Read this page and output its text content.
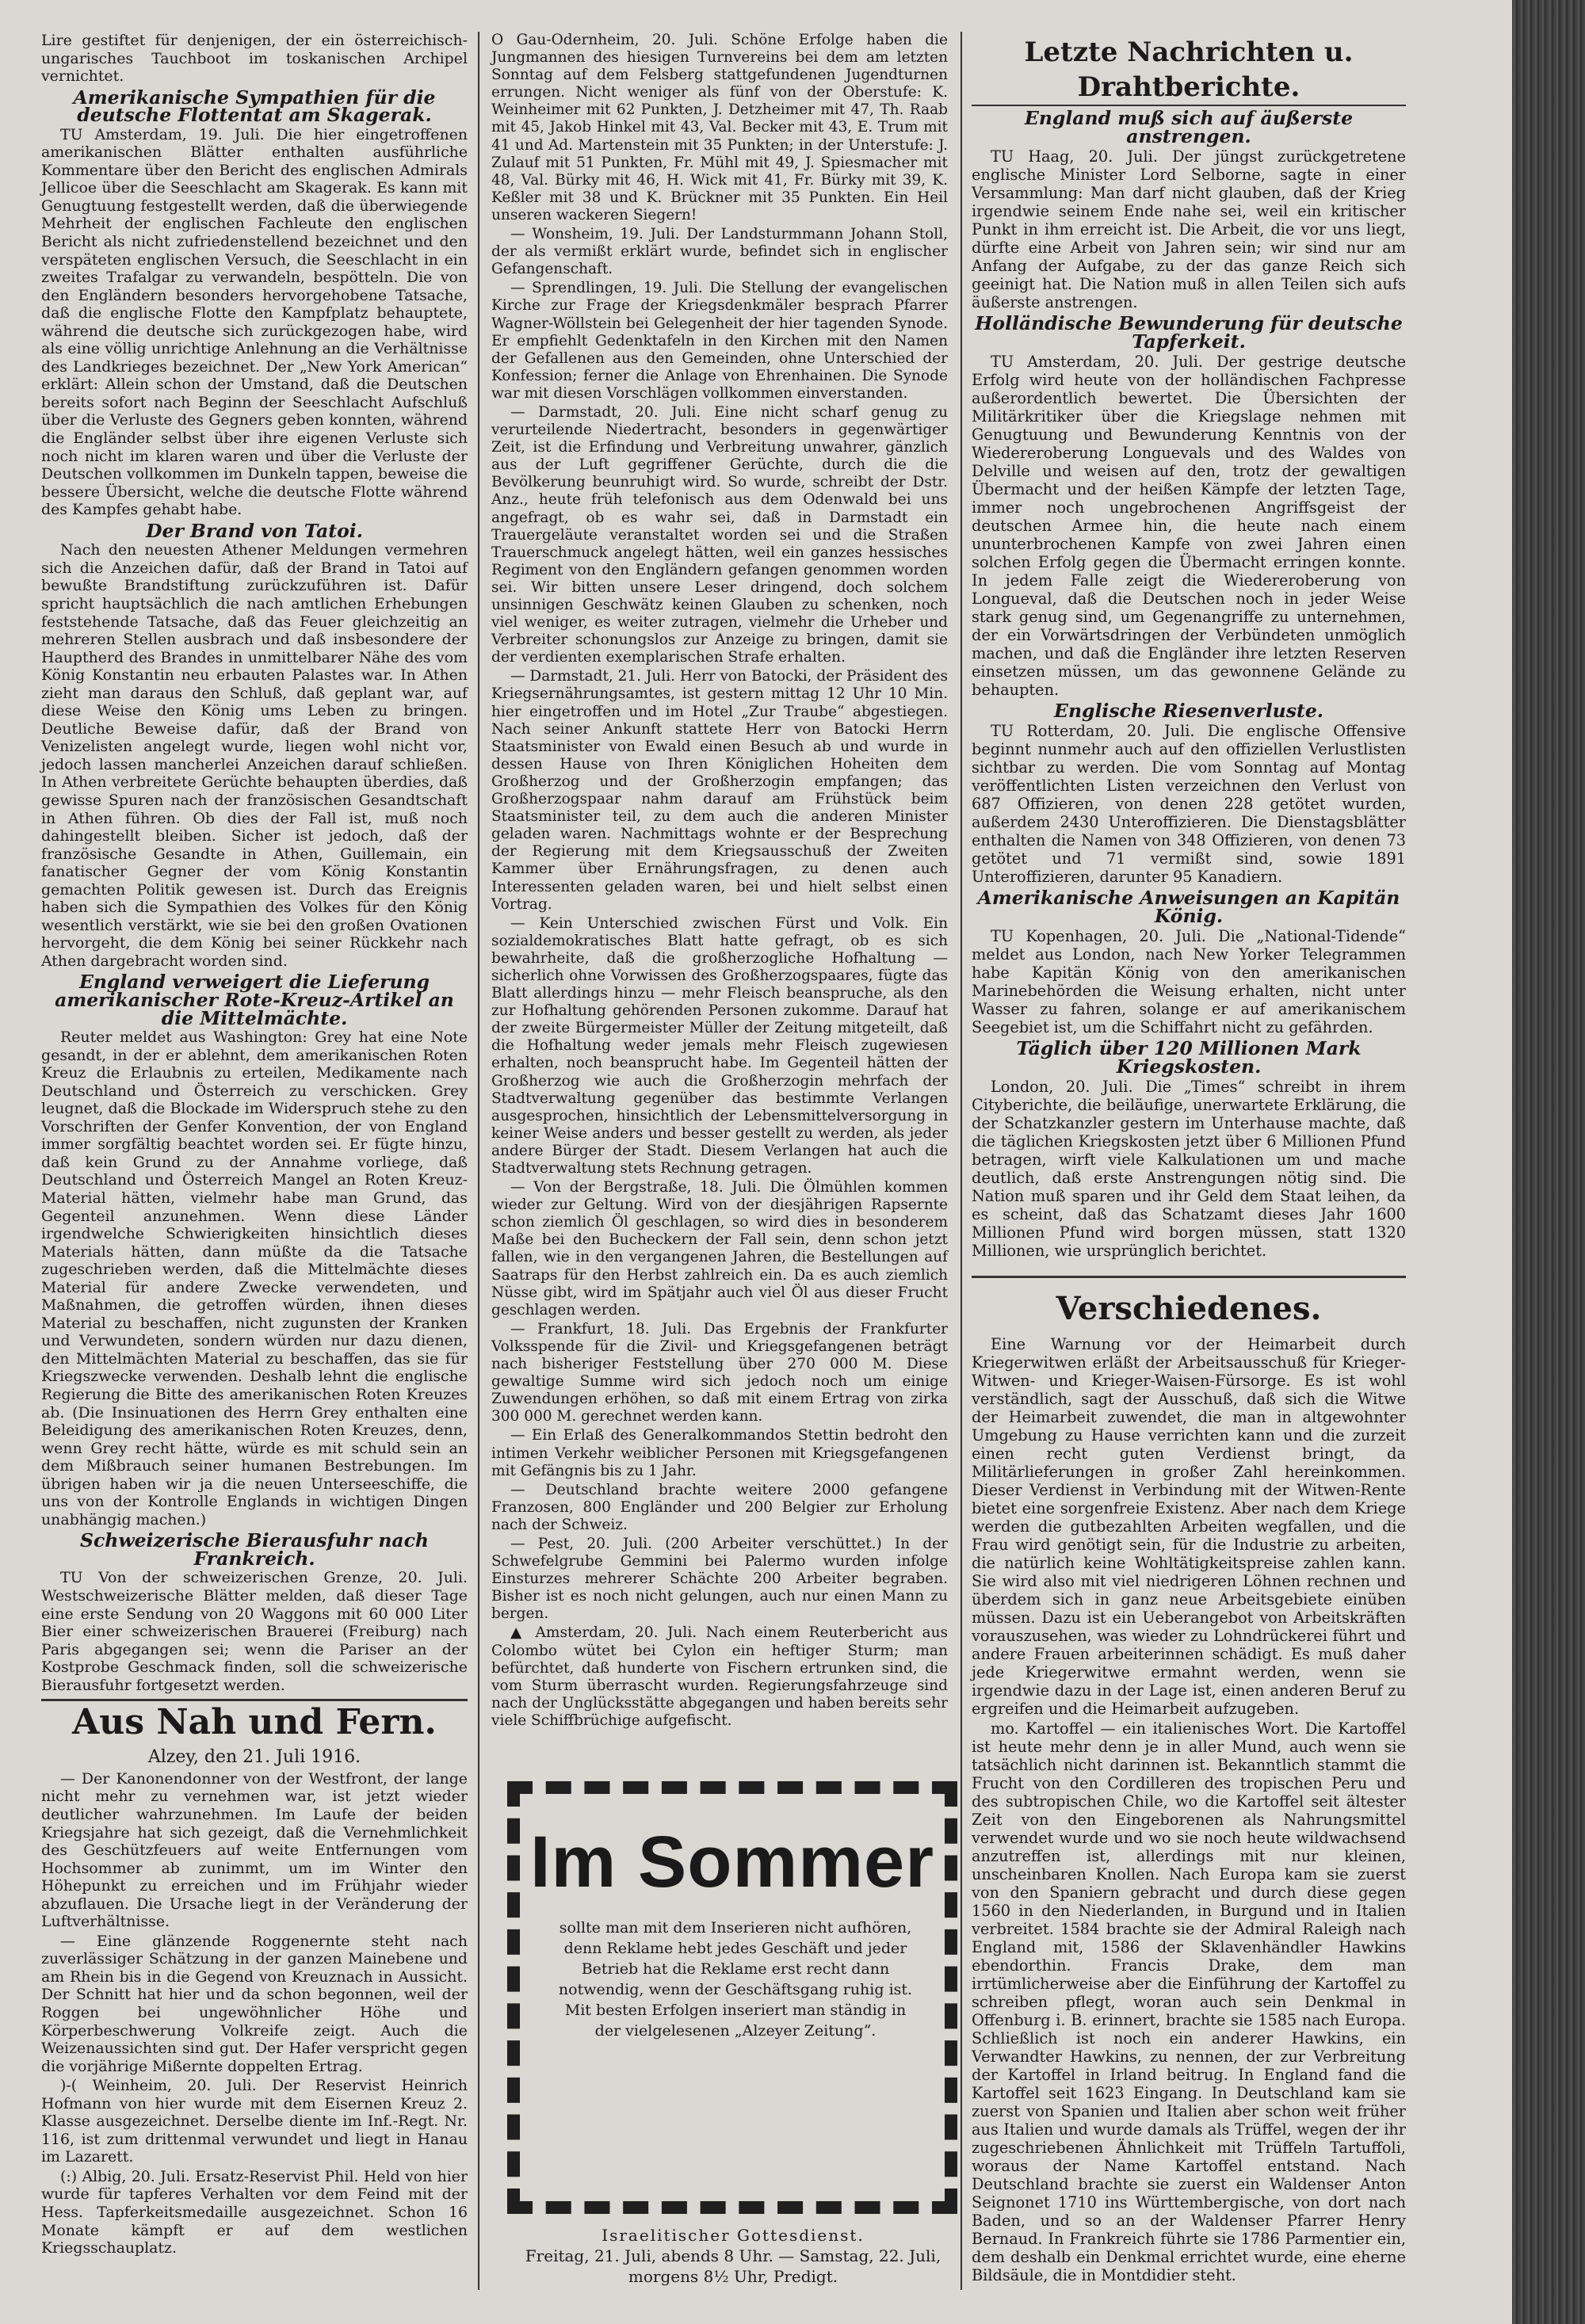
Lire gestiftet für denjenigen, der ein österreichisch-ungarisches Tauchboot im toskanischen Archipel vernichtet.

Amerikanische Sympathien für die deutsche Flottentat am Skagerak.

TU Amsterdam, 19. Juli. Die hier eingetroffenen amerikanischen Blätter enthalten ausführliche Kommentare über den Bericht des englischen Admirals Jellicoe über die Seeschlacht am Skagerak. Es kann mit Genugtuung festgestellt werden, daß die überwiegende Mehrheit der englischen Fachleute den englischen Bericht als nicht zufriedenstellend bezeichnet und den verspäteten englischen Versuch, die Seeschlacht in ein zweites Trafalgar zu verwandeln, bespötteln. Die von den Engländern besonders hervorgehobene Tatsache, daß die englische Flotte den Kampfplatz behauptete, während die deutsche sich zurückgezogen habe, wird als eine völlig unrichtige Anlehnung an die Verhältnisse des Landkrieges bezeichnet. Der „New York American“ erklärt: Allein schon der Umstand, daß die Deutschen bereits sofort nach Beginn der Seeschlacht Aufschluß über die Verluste des Gegners geben konnten, während die Engländer selbst über ihre eigenen Verluste sich noch nicht im klaren waren und über die Verluste der Deutschen vollkommen im Dunkeln tappen, beweise die bessere Übersicht, welche die deutsche Flotte während des Kampfes gehabt habe.

Der Brand von Tatoi.

Nach den neuesten Athener Meldungen vermehren sich die Anzeichen dafür, daß der Brand in Tatoi auf bewußte Brandstiftung zurückzuführen ist. Dafür spricht hauptsächlich die nach amtlichen Erhebungen feststehende Tatsache, daß das Feuer gleichzeitig an mehreren Stellen ausbrach und daß insbesondere der Hauptherd des Brandes in unmittelbarer Nähe des vom König Konstantin neu erbauten Palastes war. In Athen zieht man daraus den Schluß, daß geplant war, auf diese Weise den König ums Leben zu bringen. Deutliche Beweise dafür, daß der Brand von Venizelisten angelegt wurde, liegen wohl nicht vor, jedoch lassen mancherlei Anzeichen darauf schließen. In Athen verbreitete Gerüchte behaupten überdies, daß gewisse Spuren nach der französischen Gesandtschaft in Athen führen. Ob dies der Fall ist, muß noch dahingestellt bleiben. Sicher ist jedoch, daß der französische Gesandte in Athen, Guillemain, ein fanatischer Gegner der vom König Konstantin gemachten Politik gewesen ist. Durch das Ereignis haben sich die Sympathien des Volkes für den König wesentlich verstärkt, wie sie bei den großen Ovationen hervorgeht, die dem König bei seiner Rückkehr nach Athen dargebracht worden sind.

England verweigert die Lieferung amerikanischer Rote-Kreuz-Artikel an die Mittelmächte.

Reuter meldet aus Washington: Grey hat eine Note gesandt, in der er ablehnt, dem amerikanischen Roten Kreuz die Erlaubnis zu erteilen, Medikamente nach Deutschland und Österreich zu verschicken. Grey leugnet, daß die Blockade im Widerspruch stehe zu den Vorschriften der Genfer Konvention, der von England immer sorgfältig beachtet worden sei. Er fügte hinzu, daß kein Grund zu der Annahme vorliege, daß Deutschland und Österreich Mangel an Roten Kreuz-Material hätten, vielmehr habe man Grund, das Gegenteil anzunehmen. Wenn diese Länder irgendwelche Schwierigkeiten hinsichtlich dieses Materials hätten, dann müßte da die Tatsache zugeschrieben werden, daß die Mittelmächte dieses Material für andere Zwecke verwendeten, und Maßnahmen, die getroffen würden, ihnen dieses Material zu beschaffen, nicht zugunsten der Kranken und Verwundeten, sondern würden nur dazu dienen, den Mittelmächten Material zu beschaffen, das sie für Kriegszwecke verwenden. Deshalb lehnt die englische Regierung die Bitte des amerikanischen Roten Kreuzes ab. (Die Insinuationen des Herrn Grey enthalten eine Beleidigung des amerikanischen Roten Kreuzes, denn, wenn Grey recht hätte, würde es mit schuld sein an dem Mißbrauch seiner humanen Bestrebungen. Im übrigen haben wir ja die neuen Unterseeschiffe, die uns von der Kontrolle Englands in wichtigen Dingen unabhängig machen.)

Schweizerische Bierausfuhr nach Frankreich.

TU Von der schweizerischen Grenze, 20. Juli. Westschweizerische Blätter melden, daß dieser Tage eine erste Sendung von 20 Waggons mit 60 000 Liter Bier einer schweizerischen Brauerei (Freiburg) nach Paris abgegangen sei; wenn die Pariser an der Kostprobe Geschmack finden, soll die schweizerische Bierausfuhr fortgesetzt werden.

Aus Nah und Fern.
Alzey, den 21. Juli 1916.

— Der Kanonendonner von der Westfront, der lange nicht mehr zu vernehmen war, ist jetzt wieder deutlicher wahrzunehmen. Im Laufe der beiden Kriegsjahre hat sich gezeigt, daß die Vernehmlichkeit des Geschützfeuers auf weite Entfernungen vom Hochsommer ab zunimmt, um im Winter den Höhepunkt zu erreichen und im Frühjahr wieder abzuflauen. Die Ursache liegt in der Veränderung der Luftverhältnisse.

— Eine glänzende Roggenernte steht nach zuverlässiger Schätzung in der ganzen Mainebene und am Rhein bis in die Gegend von Kreuznach in Aussicht. Der Schnitt hat hier und da schon begonnen, weil der Roggen bei ungewöhnlicher Höhe und Körperbeschwerung Volkreife zeigt. Auch die Weizenaussichten sind gut. Der Hafer verspricht gegen die vorjährige Mißernte doppelten Ertrag.

)-( Weinheim, 20. Juli. Der Reservist Heinrich Hofmann von hier wurde mit dem Eisernen Kreuz 2. Klasse ausgezeichnet. Derselbe diente im Inf.-Regt. Nr. 116, ist zum drittenmal verwundet und liegt in Hanau im Lazarett.

(:) Albig, 20. Juli. Ersatz-Reservist Phil. Held von hier wurde für tapferes Verhalten vor dem Feind mit der Hess. Tapferkeitsmedaille ausgezeichnet. Schon 16 Monate kämpft er auf dem westlichen Kriegsschauplatz.

O Gau-Odernheim, 20. Juli. Schöne Erfolge haben die Jungmannen des hiesigen Turnvereins bei dem am letzten Sonntag auf dem Felsberg stattgefundenen Jugendturnen errungen. Nicht weniger als fünf von der Oberstufe: K. Weinheimer mit 62 Punkten, J. Detzheimer mit 47, Th. Raab mit 45, Jakob Hinkel mit 43, Val. Becker mit 43, E. Trum mit 41 und Ad. Martenstein mit 35 Punkten; in der Unterstufe: J. Zulauf mit 51 Punkten, Fr. Mühl mit 49, J. Spiesmacher mit 48, Val. Bürky mit 46, H. Wick mit 41, Fr. Bürky mit 39, K. Keßler mit 38 und K. Brückner mit 35 Punkten. Ein Heil unseren wackeren Siegern!

— Wonsheim, 19. Juli. Der Landsturmmann Johann Stoll, der als vermißt erklärt wurde, befindet sich in englischer Gefangenschaft.

— Sprendlingen, 19. Juli. Die Stellung der evangelischen Kirche zur Frage der Kriegsdenkmäler besprach Pfarrer Wagner-Wöllstein bei Gelegenheit der hier tagenden Synode. Er empfiehlt Gedenktafeln in den Kirchen mit den Namen der Gefallenen aus den Gemeinden, ohne Unterschied der Konfession; ferner die Anlage von Ehrenhainen. Die Synode war mit diesen Vorschlägen vollkommen einverstanden.

— Darmstadt, 20. Juli. Eine nicht scharf genug zu verurteilende Niedertracht, besonders in gegenwärtiger Zeit, ist die Erfindung und Verbreitung unwahrer, gänzlich aus der Luft gegriffener Gerüchte, durch die die Bevölkerung beunruhigt wird. So wurde, schreibt der Dstr. Anz., heute früh telefonisch aus dem Odenwald bei uns angefragt, ob es wahr sei, daß in Darmstadt ein Trauergeläute veranstaltet worden sei und die Straßen Trauerschmuck angelegt hätten, weil ein ganzes hessisches Regiment von den Engländern gefangen genommen worden sei. Wir bitten unsere Leser dringend, doch solchem unsinnigen Geschwätz keinen Glauben zu schenken, noch viel weniger, es weiter zutragen, vielmehr die Urheber und Verbreiter schonungslos zur Anzeige zu bringen, damit sie der verdienten exemplarischen Strafe erhalten.

— Darmstadt, 21. Juli. Herr von Batocki, der Präsident des Kriegsernährungsamtes, ist gestern mittag 12 Uhr 10 Min. hier eingetroffen und im Hotel „Zur Traube“ abgestiegen. Nach seiner Ankunft stattete Herr von Batocki Herrn Staatsminister von Ewald einen Besuch ab und wurde in dessen Hause von Ihren Königlichen Hoheiten dem Großherzog und der Großherzogin empfangen; das Großherzogspaar nahm darauf am Frühstück beim Staatsminister teil, zu dem auch die anderen Minister geladen waren. Nachmittags wohnte er der Besprechung der Regierung mit dem Kriegsausschuß der Zweiten Kammer über Ernährungsfragen, zu denen auch Interessenten geladen waren, bei und hielt selbst einen Vortrag.

— Kein Unterschied zwischen Fürst und Volk. Ein sozialdemokratisches Blatt hatte gefragt, ob es sich bewahrheite, daß die großherzogliche Hofhaltung — sicherlich ohne Vorwissen des Großherzogspaares, fügte das Blatt allerdings hinzu — mehr Fleisch beanspruche, als den zur Hofhaltung gehörenden Personen zukomme. Darauf hat der zweite Bürgermeister Müller der Zeitung mitgeteilt, daß die Hofhaltung weder jemals mehr Fleisch zugewiesen erhalten, noch beansprucht habe. Im Gegenteil hätten der Großherzog wie auch die Großherzogin mehrfach der Stadtverwaltung gegenüber das bestimmte Verlangen ausgesprochen, hinsichtlich der Lebensmittelversorgung in keiner Weise anders und besser gestellt zu werden, als jeder andere Bürger der Stadt. Diesem Verlangen hat auch die Stadtverwaltung stets Rechnung getragen.

— Von der Bergstraße, 18. Juli. Die Ölmühlen kommen wieder zur Geltung. Wird von der diesjährigen Rapsernte schon ziemlich Öl geschlagen, so wird dies in besonderem Maße bei den Bucheckern der Fall sein, denn schon jetzt fallen, wie in den vergangenen Jahren, die Bestellungen auf Saatraps für den Herbst zahlreich ein. Da es auch ziemlich Nüsse gibt, wird im Spätjahr auch viel Öl aus dieser Frucht geschlagen werden.

— Frankfurt, 18. Juli. Das Ergebnis der Frankfurter Volksspende für die Zivil- und Kriegsgefangenen beträgt nach bisheriger Feststellung über 270 000 M. Diese gewaltige Summe wird sich jedoch noch um einige Zuwendungen erhöhen, so daß mit einem Ertrag von zirka 300 000 M. gerechnet werden kann.

— Ein Erlaß des Generalkommandos Stettin bedroht den intimen Verkehr weiblicher Personen mit Kriegsgefangenen mit Gefängnis bis zu 1 Jahr.

— Deutschland brachte weitere 2000 gefangene Franzosen, 800 Engländer und 200 Belgier zur Erholung nach der Schweiz.

— Pest, 20. Juli. (200 Arbeiter verschüttet.) In der Schwefelgrube Gemmini bei Palermo wurden infolge Einsturzes mehrerer Schächte 200 Arbeiter begraben. Bisher ist es noch nicht gelungen, auch nur einen Mann zu bergen.

▲ Amsterdam, 20. Juli. Nach einem Reuterbericht aus Colombo wütet bei Cylon ein heftiger Sturm; man befürchtet, daß hunderte von Fischern ertrunken sind, die vom Sturm überrascht wurden. Regierungsfahrzeuge sind nach der Unglücksstätte abgegangen und haben bereits sehr viele Schiffbrüchige aufgefischt.

Im Sommer
sollte man mit dem Inserieren nicht aufhören, denn Reklame hebt jedes Geschäft und jeder Betrieb hat die Reklame erst recht dann notwendig, wenn der Geschäftsgang ruhig ist. Mit besten Erfolgen inseriert man ständig in der vielgelesenen „Alzeyer Zeitung“.
Israelitischer Gottesdienst.
Freitag, 21. Juli, abends 8 Uhr. — Samstag, 22. Juli, morgens 8½ Uhr, Predigt.
Letzte Nachrichten u. Drahtberichte.
England muß sich auf äußerste anstrengen.

TU Haag, 20. Juli. Der jüngst zurückgetretene englische Minister Lord Selborne, sagte in einer Versammlung: Man darf nicht glauben, daß der Krieg irgendwie seinem Ende nahe sei, weil ein kritischer Punkt in ihm erreicht ist. Die Arbeit, die vor uns liegt, dürfte eine Arbeit von Jahren sein; wir sind nur am Anfang der Aufgabe, zu der das ganze Reich sich geeinigt hat. Die Nation muß in allen Teilen sich aufs äußerste anstrengen.

Holländische Bewunderung für deutsche Tapferkeit.

TU Amsterdam, 20. Juli. Der gestrige deutsche Erfolg wird heute von der holländischen Fachpresse außerordentlich bewertet. Die Übersichten der Militärkritiker über die Kriegslage nehmen mit Genugtuung und Bewunderung Kenntnis von der Wiedereroberung Longuevals und des Waldes von Delville und weisen auf den, trotz der gewaltigen Übermacht und der heißen Kämpfe der letzten Tage, immer noch ungebrochenen Angriffsgeist der deutschen Armee hin, die heute nach einem ununterbrochenen Kampfe von zwei Jahren einen solchen Erfolg gegen die Übermacht erringen konnte. In jedem Falle zeigt die Wiedereroberung von Longueval, daß die Deutschen noch in jeder Weise stark genug sind, um Gegenangriffe zu unternehmen, der ein Vorwärtsdringen der Verbündeten unmöglich machen, und daß die Engländer ihre letzten Reserven einsetzen müssen, um das gewonnene Gelände zu behaupten.

Englische Riesenverluste.

TU Rotterdam, 20. Juli. Die englische Offensive beginnt nunmehr auch auf den offiziellen Verlustlisten sichtbar zu werden. Die vom Sonntag auf Montag veröffentlichten Listen verzeichnen den Verlust von 687 Offizieren, von denen 228 getötet wurden, außerdem 2430 Unteroffizieren. Die Dienstagsblätter enthalten die Namen von 348 Offizieren, von denen 73 getötet und 71 vermißt sind, sowie 1891 Unteroffizieren, darunter 95 Kanadiern.

Amerikanische Anweisungen an Kapitän König.

TU Kopenhagen, 20. Juli. Die „National-Tidende“ meldet aus London, nach New Yorker Telegrammen habe Kapitän König von den amerikanischen Marinebehörden die Weisung erhalten, nicht unter Wasser zu fahren, solange er auf amerikanischem Seegebiet ist, um die Schiffahrt nicht zu gefährden.

Täglich über 120 Millionen Mark Kriegskosten.

London, 20. Juli. Die „Times“ schreibt in ihrem Cityberichte, die beiläufige, unerwartete Erklärung, die der Schatzkanzler gestern im Unterhause machte, daß die täglichen Kriegskosten jetzt über 6 Millionen Pfund betragen, wirft viele Kalkulationen um und mache deutlich, daß erste Anstrengungen nötig sind. Die Nation muß sparen und ihr Geld dem Staat leihen, da es scheint, daß das Schatzamt dieses Jahr 1600 Millionen Pfund wird borgen müssen, statt 1320 Millionen, wie ursprünglich berichtet.

Verschiedenes.

Eine Warnung vor der Heimarbeit durch Kriegerwitwen erläßt der Arbeitsausschuß für Krieger-Witwen- und Krieger-Waisen-Fürsorge. Es ist wohl verständlich, sagt der Ausschuß, daß sich die Witwe der Heimarbeit zuwendet, die man in altgewohnter Umgebung zu Hause verrichten kann und die zurzeit einen recht guten Verdienst bringt, da Militärlieferungen in großer Zahl hereinkommen. Dieser Verdienst in Verbindung mit der Witwen-Rente bietet eine sorgenfreie Existenz. Aber nach dem Kriege werden die gutbezahlten Arbeiten wegfallen, und die Frau wird genötigt sein, für die Industrie zu arbeiten, die natürlich keine Wohltätigkeitspreise zahlen kann. Sie wird also mit viel niedrigeren Löhnen rechnen und überdem sich in ganz neue Arbeitsgebiete einüben müssen. Dazu ist ein Ueberangebot von Arbeitskräften vorauszusehen, was wieder zu Lohndrückerei führt und andere Frauen arbeiterinnen schädigt. Es muß daher jede Kriegerwitwe ermahnt werden, wenn sie irgendwie dazu in der Lage ist, einen anderen Beruf zu ergreifen und die Heimarbeit aufzugeben.

mo. Kartoffel — ein italienisches Wort. Die Kartoffel ist heute mehr denn je in aller Mund, auch wenn sie tatsächlich nicht darinnen ist. Bekanntlich stammt die Frucht von den Cordilleren des tropischen Peru und des subtropischen Chile, wo die Kartoffel seit ältester Zeit von den Eingeborenen als Nahrungsmittel verwendet wurde und wo sie noch heute wildwachsend anzutreffen ist, allerdings mit nur kleinen, unscheinbaren Knollen. Nach Europa kam sie zuerst von den Spaniern gebracht und durch diese gegen 1560 in den Niederlanden, in Burgund und in Italien verbreitet. 1584 brachte sie der Admiral Raleigh nach England mit, 1586 der Sklavenhändler Hawkins ebendorthin. Francis Drake, dem man irrtümlicherweise aber die Einführung der Kartoffel zu schreiben pflegt, woran auch sein Denkmal in Offenburg i. B. erinnert, brachte sie 1585 nach Europa. Schließlich ist noch ein anderer Hawkins, ein Verwandter Hawkins, zu nennen, der zur Verbreitung der Kartoffel in Irland beitrug. In England fand die Kartoffel seit 1623 Eingang. In Deutschland kam sie zuerst von Spanien und Italien aber schon weit früher aus Italien und wurde damals als Trüffel, wegen der ihr zugeschriebenen Ähnlichkeit mit Trüffeln Tartuffoli, woraus der Name Kartoffel entstand. Nach Deutschland brachte sie zuerst ein Waldenser Anton Seignonet 1710 ins Württembergische, von dort nach Baden, und so an der Waldenser Pfarrer Henry Bernaud. In Frankreich führte sie 1786 Parmentier ein, dem deshalb ein Denkmal errichtet wurde, eine eherne Bildsäule, die in Montdidier steht.
